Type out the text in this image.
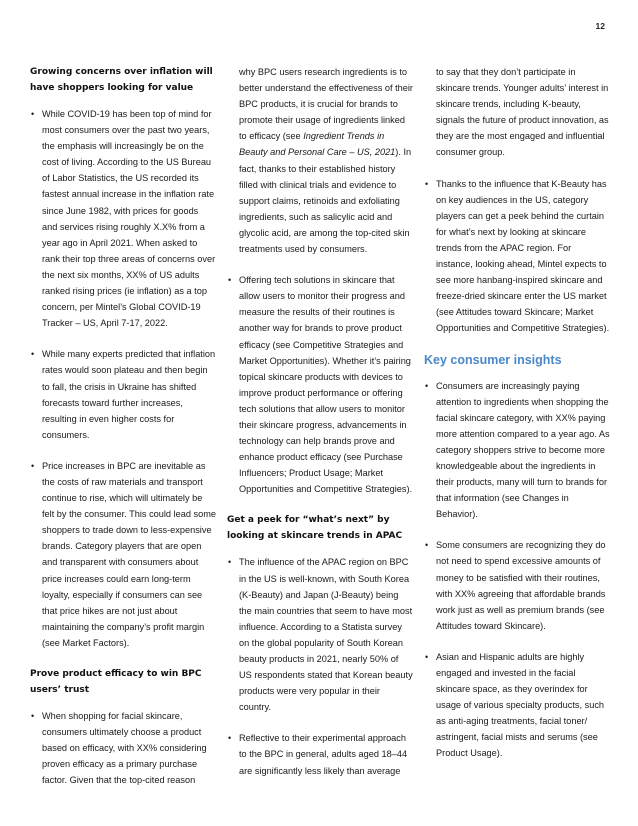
12

Growing concerns over inflation will have shoppers looking for value

• While COVID-19 has been top of mind for most consumers over the past two years, the emphasis will increasingly be on the cost of living. According to the US Bureau of Labor Statistics, the US recorded its fastest annual increase in the inflation rate since June 1982, with prices for goods and services rising roughly X.X% from a year ago in April 2021. When asked to rank their top three areas of concerns over the next six months, XX% of US adults ranked rising prices (ie inflation) as a top concern, per Mintel’s Global COVID-19 Tracker – US, April 7-17, 2022.
• While many experts predicted that inflation rates would soon plateau and then begin to fall, the crisis in Ukraine has shifted forecasts toward further increases, resulting in even higher costs for consumers.
• Price increases in BPC are inevitable as the costs of raw materials and transport continue to rise, which will ultimately be felt by the consumer. This could lead some shoppers to trade down to less-expensive brands. Category players that are open and transparent with consumers about price increases could earn long-term loyalty, especially if consumers can see that price hikes are not just about maintaining the company’s profit margin (see Market Factors).

Prove product efficacy to win BPC users’ trust

• When shopping for facial skincare, consumers ultimately choose a product based on efficacy, with XX% considering proven efficacy as a primary purchase factor. Given that the top-cited reason
why BPC users research ingredients is to better understand the effectiveness of their BPC products, it is crucial for brands to promote their usage of ingredients linked to efficacy (see Ingredient Trends in Beauty and Personal Care – US, 2021). In fact, thanks to their established history filled with clinical trials and evidence to support claims, retinoids and exfoliating ingredients, such as salicylic acid and glycolic acid, are among the top-cited skin treatments used by consumers.
• Offering tech solutions in skincare that allow users to monitor their progress and measure the results of their routines is another way for brands to prove product efficacy (see Competitive Strategies and Market Opportunities). Whether it’s pairing topical skincare products with devices to improve product performance or offering tech solutions that allow users to monitor their skincare progress, advancements in technology can help brands prove and enhance product efficacy (see Purchase Influencers; Product Usage; Market Opportunities and Competitive Strategies).

Get a peek for “what’s next” by looking at skincare trends in APAC

• The influence of the APAC region on BPC in the US is well-known, with South Korea (K-Beauty) and Japan (J-Beauty) being the main countries that seem to have most influence. According to a Statista survey on the global popularity of South Korean beauty products in 2021, nearly 50% of US respondents stated that Korean beauty products were very popular in their country.
• Reflective to their experimental approach to the BPC in general, adults aged 18–44 are significantly less likely than average
to say that they don’t participate in skincare trends. Younger adults’ interest in skincare trends, including K-beauty, signals the future of product innovation, as they are the most engaged and influential consumer group.
• Thanks to the influence that K-Beauty has on key audiences in the US, category players can get a peek behind the curtain for what’s next by looking at skincare trends from the APAC region. For instance, looking ahead, Mintel expects to see more hanbang-inspired skincare and freeze-dried skincare enter the US market (see Attitudes toward Skincare; Market Opportunities and Competitive Strategies).

Key consumer insights

• Consumers are increasingly paying attention to ingredients when shopping the facial skincare category, with XX% paying more attention compared to a year ago. As category shoppers strive to become more knowledgeable about the ingredients in their products, many will turn to brands for that information (see Changes in Behavior).
• Some consumers are recognizing they do not need to spend excessive amounts of money to be satisfied with their routines, with XX% agreeing that affordable brands work just as well as premium brands (see Attitudes toward Skincare).
• Asian and Hispanic adults are highly engaged and invested in the facial skincare space, as they overindex for usage of various specialty products, such as anti-aging treatments, facial toner/ astringent, facial mists and serums (see Product Usage).
